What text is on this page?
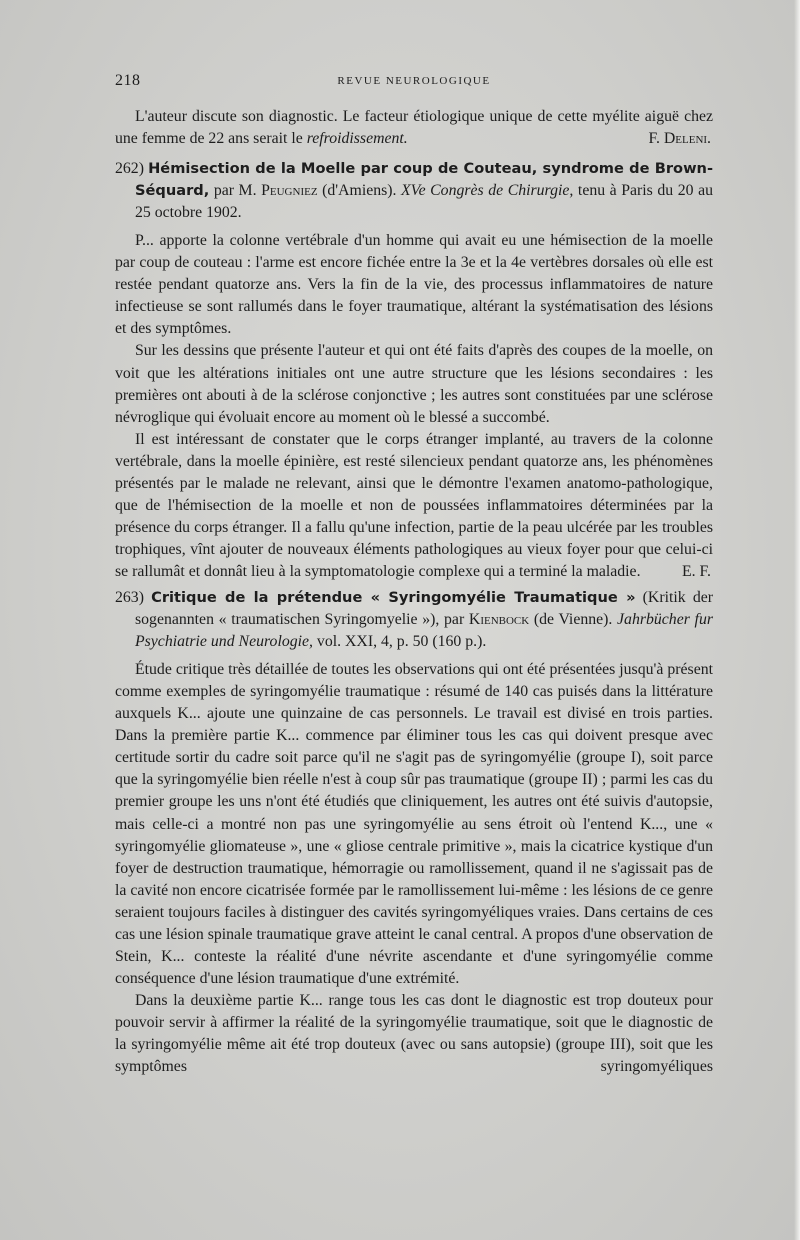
218	REVUE NEUROLOGIQUE

L'auteur discute son diagnostic. Le facteur étiologique unique de cette myélite aiguë chez une femme de 22 ans serait le refroidissement.	F. Deleni.

262) Hémisection de la Moelle par coup de Couteau, syndrome de Brown-Séquard, par M. Peugniez (d'Amiens). XVe Congrès de Chirurgie, tenu à Paris du 20 au 25 octobre 1902.

P... apporte la colonne vertébrale d'un homme qui avait eu une hémisection de la moelle par coup de couteau : l'arme est encore fichée entre la 3e et la 4e vertèbres dorsales où elle est restée pendant quatorze ans. Vers la fin de la vie, des processus inflammatoires de nature infectieuse se sont rallumés dans le foyer traumatique, altérant la systématisation des lésions et des symptômes.

Sur les dessins que présente l'auteur et qui ont été faits d'après des coupes de la moelle, on voit que les altérations initiales ont une autre structure que les lésions secondaires : les premières ont abouti à de la sclérose conjonctive ; les autres sont constituées par une sclérose névroglique qui évoluait encore au moment où le blessé a succombé.

Il est intéressant de constater que le corps étranger implanté, au travers de la colonne vertébrale, dans la moelle épinière, est resté silencieux pendant quatorze ans, les phénomènes présentés par le malade ne relevant, ainsi que le démontre l'examen anatomo-pathologique, que de l'hémisection de la moelle et non de poussées inflammatoires déterminées par la présence du corps étranger. Il a fallu qu'une infection, partie de la peau ulcérée par les troubles trophiques, vînt ajouter de nouveaux éléments pathologiques au vieux foyer pour que celui-ci se rallumât et donnât lieu à la symptomatologie complexe qui a terminé la maladie.	E. F.

263) Critique de la prétendue « Syringomyélie Traumatique » (Kritik der sogenannten « traumatischen Syringomyelie »), par Kienbock (de Vienne). Jahrbücher fur Psychiatrie und Neurologie, vol. XXI, 4, p. 50 (160 p.).

Étude critique très détaillée de toutes les observations qui ont été présentées jusqu'à présent comme exemples de syringomyélie traumatique : résumé de 140 cas puisés dans la littérature auxquels K... ajoute une quinzaine de cas personnels. Le travail est divisé en trois parties. Dans la première partie K... commence par éliminer tous les cas qui doivent presque avec certitude sortir du cadre soit parce qu'il ne s'agit pas de syringomyélie (groupe I), soit parce que la syringomyélie bien réelle n'est à coup sûr pas traumatique (groupe II) ; parmi les cas du premier groupe les uns n'ont été étudiés que cliniquement, les autres ont été suivis d'autopsie, mais celle-ci a montré non pas une syringomyélie au sens étroit où l'entend K..., une « syringomyélie gliomateuse », une « gliose centrale primitive », mais la cicatrice kystique d'un foyer de destruction traumatique, hémorragie ou ramollissement, quand il ne s'agissait pas de la cavité non encore cicatrisée formée par le ramollissement lui-même : les lésions de ce genre seraient toujours faciles à distinguer des cavités syringomyéliques vraies. Dans certains de ces cas une lésion spinale traumatique grave atteint le canal central. A propos d'une observation de Stein, K... conteste la réalité d'une névrite ascendante et d'une syringomyélie comme conséquence d'une lésion traumatique d'une extrémité.

Dans la deuxième partie K... range tous les cas dont le diagnostic est trop douteux pour pouvoir servir à affirmer la réalité de la syringomyélie traumatique, soit que le diagnostic de la syringomyélie même ait été trop douteux (avec ou sans autopsie) (groupe III), soit que les symptômes syringomyéliques
